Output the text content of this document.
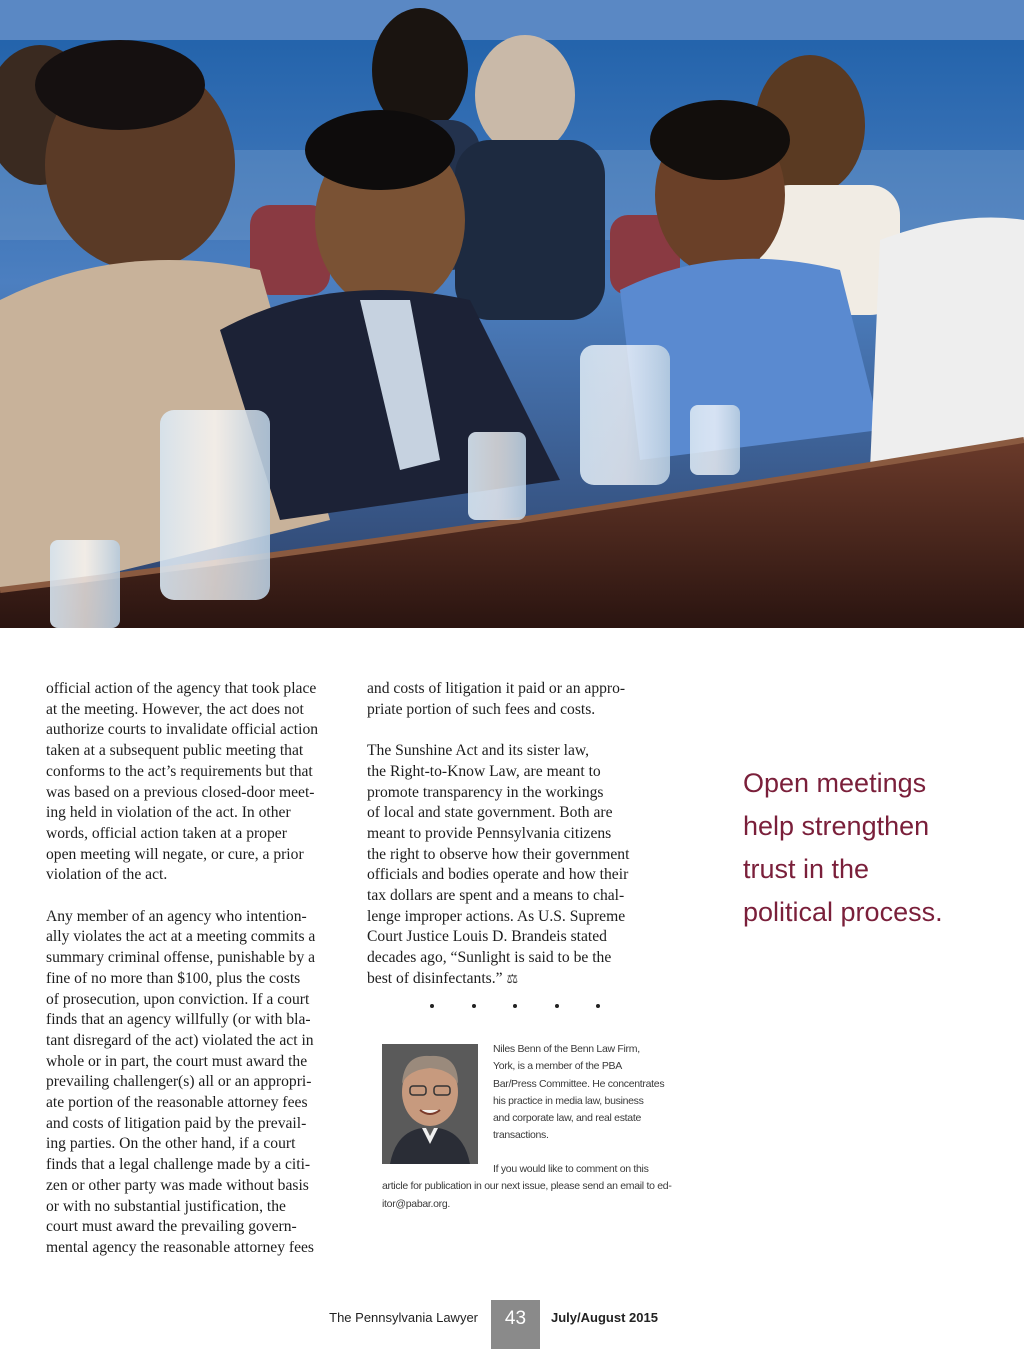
official action of the agency that took place
at the meeting. However, the act does not
authorize courts to invalidate official action
taken at a subsequent public meeting that
conforms to the act’s requirements but that
was based on a previous closed-door meet-
ing held in violation of the act. In other
words, official action taken at a proper
open meeting will negate, or cure, a prior
violation of the act.

Any member of an agency who intention-
ally violates the act at a meeting commits a
summary criminal offense, punishable by a
fine of no more than $100, plus the costs
of prosecution, upon conviction. If a court
finds that an agency willfully (or with bla-
tant disregard of the act) violated the act in
whole or in part, the court must award the
prevailing challenger(s) all or an appropri-
ate portion of the reasonable attorney fees
and costs of litigation paid by the prevail-
ing parties. On the other hand, if a court
finds that a legal challenge made by a citi-
zen or other party was made without basis
or with no substantial justification, the
court must award the prevailing govern-
mental agency the reasonable attorney fees

and costs of litigation it paid or an appro-
priate portion of such fees and costs.

The Sunshine Act and its sister law,
the Right-to-Know Law, are meant to
promote transparency in the workings
of local and state government. Both are
meant to provide Pennsylvania citizens
the right to observe how their government
officials and bodies operate and how their
tax dollars are spent and a means to chal-
lenge improper actions. As U.S. Supreme
Court Justice Louis D. Brandeis stated
decades ago, “Sunlight is said to be the
best of disinfectants.” ⚖

Niles Benn of the Benn Law Firm,
York, is a member of the PBA
Bar/Press Committee. He concentrates
his practice in media law, business
and corporate law, and real estate
transactions.
If you would like to comment on this
article for publication in our next issue, please send an email to ed-
itor@pabar.org.
Open meetings
help strengthen
trust in the
political process.
The Pennsylvania Lawyer	43	July/August 2015
